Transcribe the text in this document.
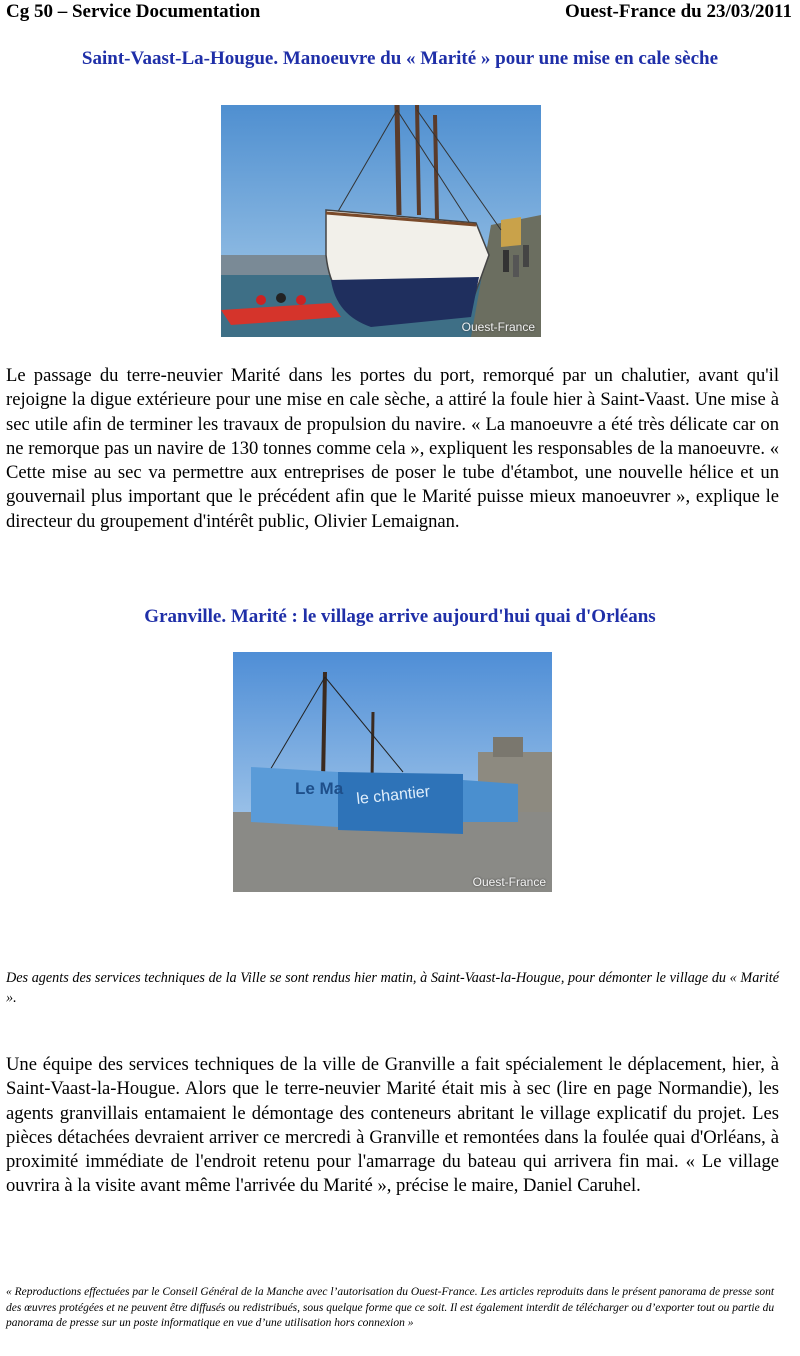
Cg 50 – Service Documentation	Ouest-France du 23/03/2011
Saint-Vaast-La-Hougue. Manoeuvre du « Marité » pour une mise en cale sèche
Ouest-France
Le passage du terre-neuvier Marité dans les portes du port, remorqué par un chalutier, avant qu'il rejoigne la digue extérieure pour une mise en cale sèche, a attiré la foule hier à Saint-Vaast. Une mise à sec utile afin de terminer les travaux de propulsion du navire. « La manoeuvre a été très délicate car on ne remorque pas un navire de 130 tonnes comme cela », expliquent les responsables de la manoeuvre. « Cette mise au sec va permettre aux entreprises de poser le tube d'étambot, une nouvelle hélice et un gouvernail plus important que le précédent afin que le Marité puisse mieux manoeuvrer », explique le directeur du groupement d'intérêt public, Olivier Lemaignan.
Granville. Marité : le village arrive aujourd'hui quai d'Orléans
Le Ma le chantier
Ouest-France
Des agents des services techniques de la Ville se sont rendus hier matin, à Saint-Vaast-la-Hougue, pour démonter le village du « Marité ».
Une équipe des services techniques de la ville de Granville a fait spécialement le déplacement, hier, à Saint-Vaast-la-Hougue. Alors que le terre-neuvier Marité était mis à sec (lire en page Normandie), les agents granvillais entamaient le démontage des conteneurs abritant le village explicatif du projet. Les pièces détachées devraient arriver ce mercredi à Granville et remontées dans la foulée quai d'Orléans, à proximité immédiate de l'endroit retenu pour l'amarrage du bateau qui arrivera fin mai. « Le village ouvrira à la visite avant même l'arrivée du Marité », précise le maire, Daniel Caruhel.
« Reproductions effectuées par le Conseil Général de la Manche avec l’autorisation du Ouest-France. Les articles reproduits dans le présent panorama de presse sont des œuvres protégées et ne peuvent être diffusés ou redistribués, sous quelque forme que ce soit. Il est également interdit de télécharger ou d’exporter tout ou partie du panorama de presse sur un poste informatique en vue d’une utilisation hors connexion »
